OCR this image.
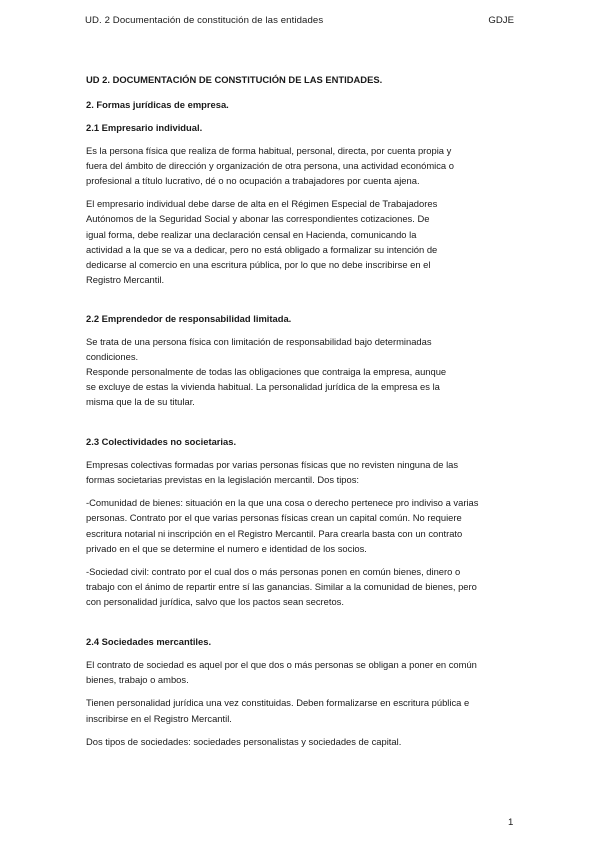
UD. 2 Documentación de constitución de las entidades	GDJE
UD 2. DOCUMENTACIÓN DE CONSTITUCIÓN DE LAS ENTIDADES.
2. Formas jurídicas de empresa.
2.1 Empresario individual.

Es la persona física que realiza de forma habitual, personal, directa, por cuenta propia y
fuera del ámbito de dirección y organización de otra persona, una actividad económica o
profesional a título lucrativo, dé o no ocupación a trabajadores por cuenta ajena.

El empresario individual debe darse de alta en el Régimen Especial de Trabajadores
Autónomos de la Seguridad Social y abonar las correspondientes cotizaciones. De
igual forma, debe realizar una declaración censal en Hacienda, comunicando la
actividad a la que se va a dedicar, pero no está obligado a formalizar su intención de
dedicarse al comercio en una escritura pública, por lo que no debe inscribirse en el
Registro Mercantil.

2.2 Emprendedor de responsabilidad limitada.

Se trata de una persona física con limitación de responsabilidad bajo determinadas
condiciones.
Responde personalmente de todas las obligaciones que contraiga la empresa, aunque
se excluye de estas la vivienda habitual. La personalidad jurídica de la empresa es la
misma que la de su titular.

2.3 Colectividades no societarias.

Empresas colectivas formadas por varias personas físicas que no revisten ninguna de las
formas societarias previstas en la legislación mercantil. Dos tipos:

-Comunidad de bienes: situación en la que una cosa o derecho pertenece pro indiviso a varias
personas. Contrato por el que varias personas físicas crean un capital común. No requiere
escritura notarial ni inscripción en el Registro Mercantil. Para crearla basta con un contrato
privado en el que se determine el numero e identidad de los socios.

-Sociedad civil: contrato por el cual dos o más personas ponen en común bienes, dinero o
trabajo con el ánimo de repartir entre sí las ganancias. Similar a la comunidad de bienes, pero
con personalidad jurídica, salvo que los pactos sean secretos.

2.4 Sociedades mercantiles.

El contrato de sociedad es aquel por el que dos o más personas se obligan a poner en común
bienes, trabajo o ambos.

Tienen personalidad jurídica una vez constituidas. Deben formalizarse en escritura pública e
inscribirse en el Registro Mercantil.

Dos tipos de sociedades: sociedades personalistas y sociedades de capital.

1
